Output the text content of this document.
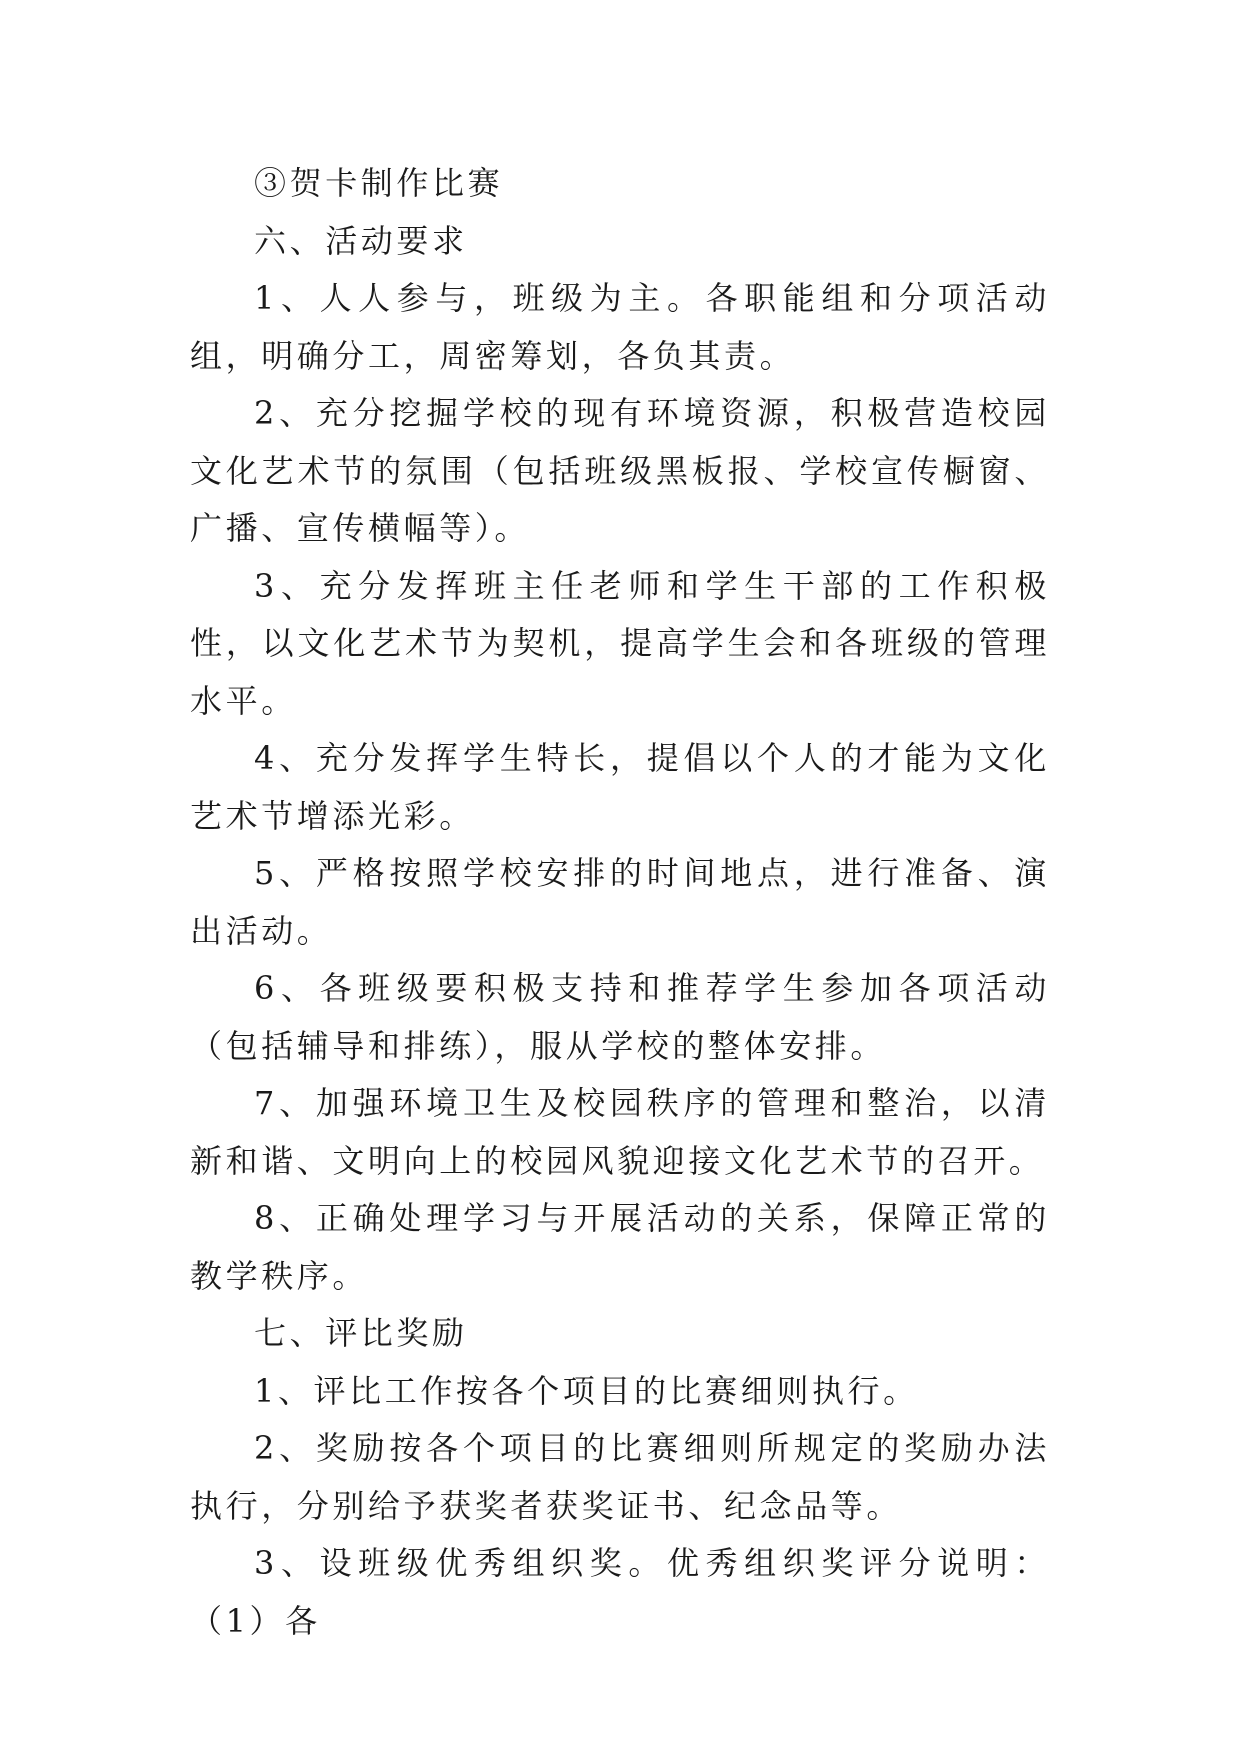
③贺卡制作比赛

六、活动要求

1、人人参与，班级为主。各职能组和分项活动组，明确分工，周密筹划，各负其责。

2、充分挖掘学校的现有环境资源，积极营造校园文化艺术节的氛围（包括班级黑板报、学校宣传橱窗、广播、宣传横幅等）。

3、充分发挥班主任老师和学生干部的工作积极性，以文化艺术节为契机，提高学生会和各班级的管理水平。

4、充分发挥学生特长，提倡以个人的才能为文化艺术节增添光彩。

5、严格按照学校安排的时间地点，进行准备、演出活动。

6、各班级要积极支持和推荐学生参加各项活动（包括辅导和排练），服从学校的整体安排。

7、加强环境卫生及校园秩序的管理和整治，以清新和谐、文明向上的校园风貌迎接文化艺术节的召开。

8、正确处理学习与开展活动的关系，保障正常的教学秩序。

七、评比奖励

1、评比工作按各个项目的比赛细则执行。

2、奖励按各个项目的比赛细则所规定的奖励办法执行，分别给予获奖者获奖证书、纪念品等。

3、设班级优秀组织奖。优秀组织奖评分说明：（1）各
